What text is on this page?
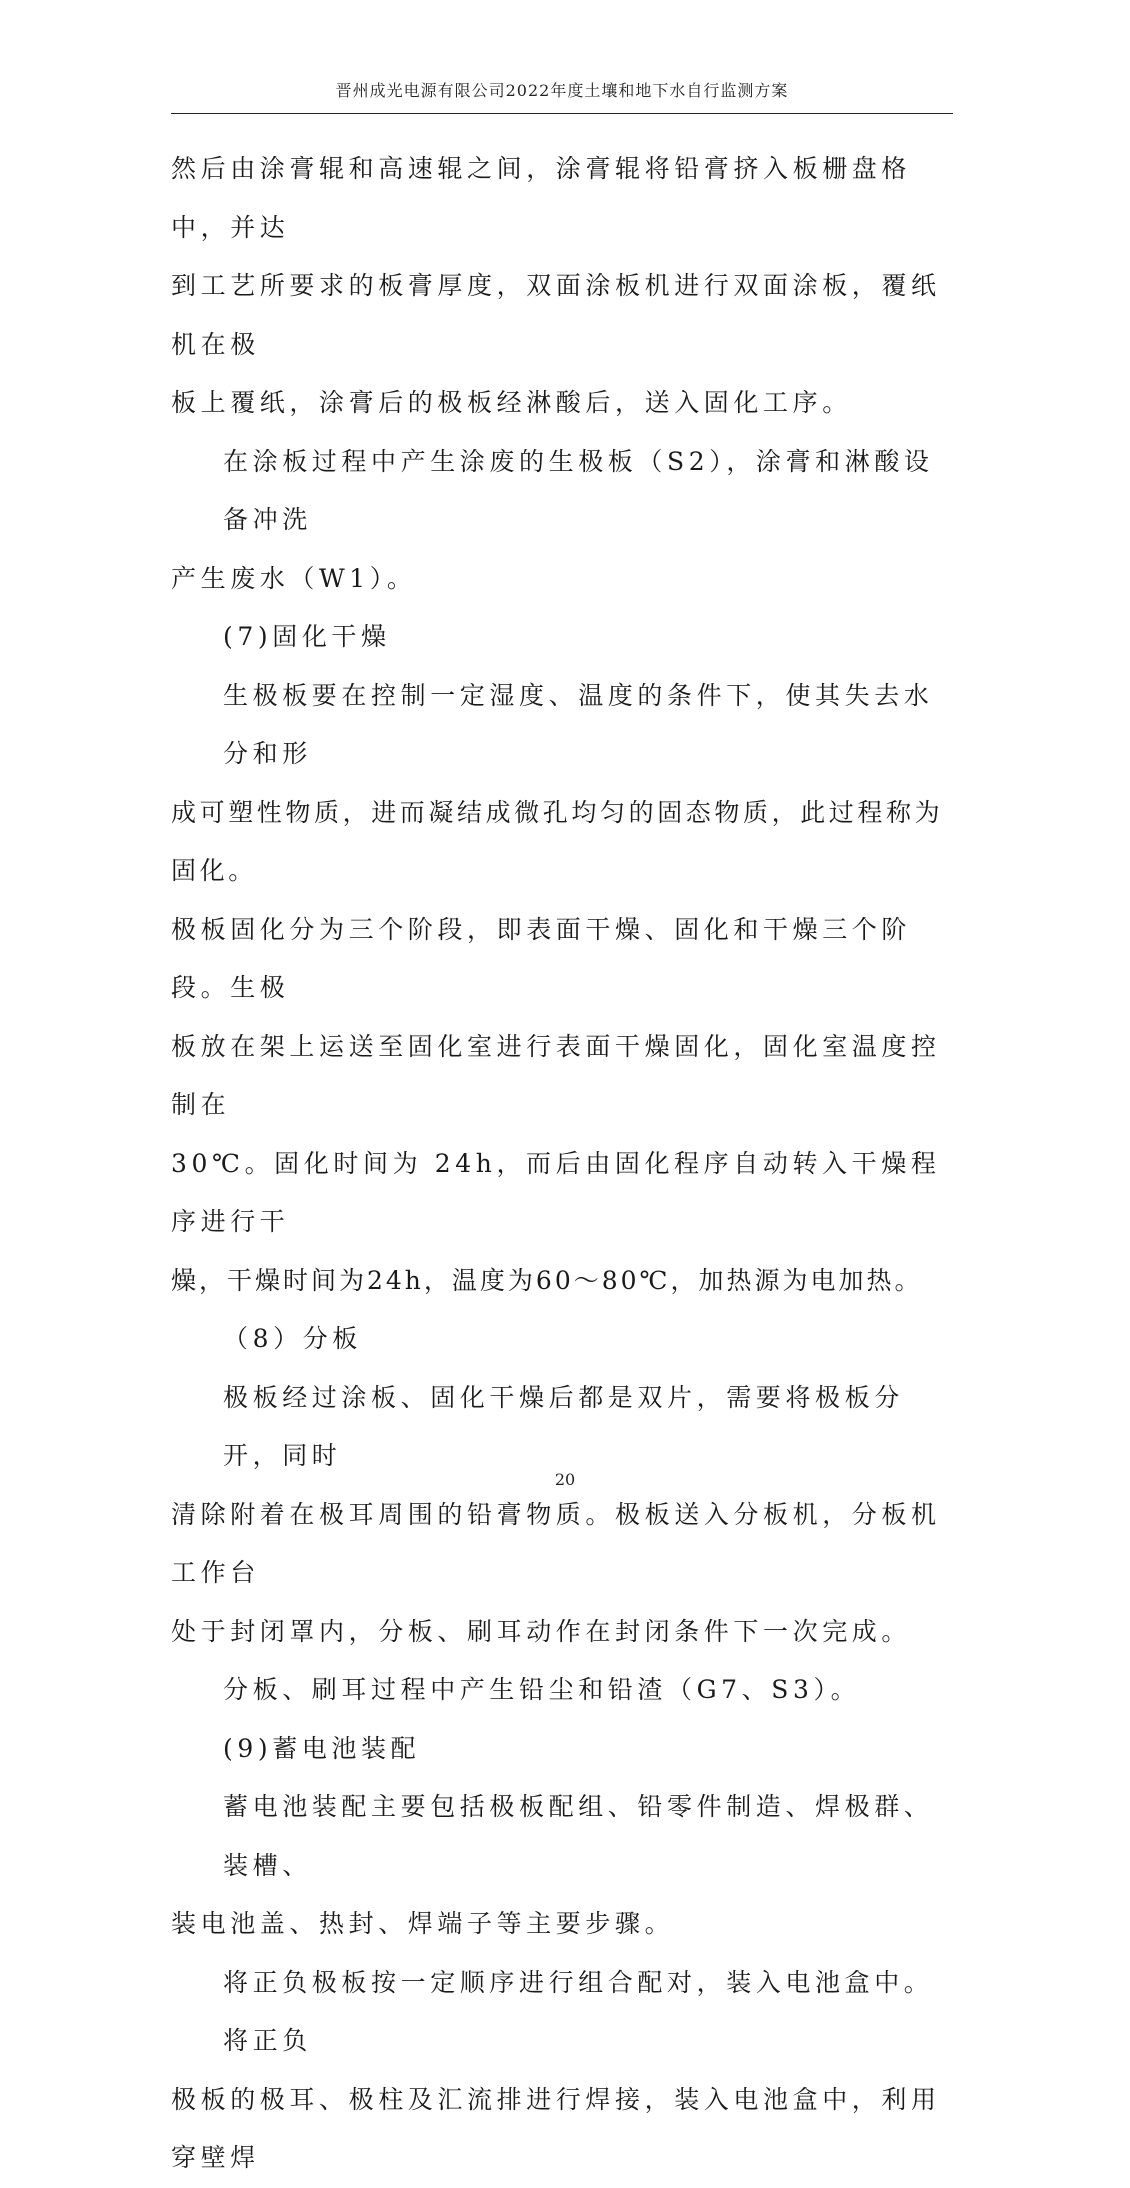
晋州成光电源有限公司2022年度土壤和地下水自行监测方案

然后由涂膏辊和高速辊之间，涂膏辊将铅膏挤入板栅盘格中，并达

到工艺所要求的板膏厚度，双面涂板机进行双面涂板，覆纸机在极

板上覆纸，涂膏后的极板经淋酸后，送入固化工序。

在涂板过程中产生涂废的生极板（S2），涂膏和淋酸设备冲洗

产生废水（W1）。

(7)固化干燥

生极板要在控制一定湿度、温度的条件下，使其失去水分和形

成可塑性物质，进而凝结成微孔均匀的固态物质，此过程称为固化。

极板固化分为三个阶段，即表面干燥、固化和干燥三个阶段。生极

板放在架上运送至固化室进行表面干燥固化，固化室温度控制在

30℃。固化时间为 24h，而后由固化程序自动转入干燥程序进行干

燥，干燥时间为24h，温度为60～80℃，加热源为电加热。

（8）分板

极板经过涂板、固化干燥后都是双片，需要将极板分开，同时

清除附着在极耳周围的铅膏物质。极板送入分板机，分板机工作台

处于封闭罩内，分板、刷耳动作在封闭条件下一次完成。

分板、刷耳过程中产生铅尘和铅渣（G7、S3）。

(9)蓄电池装配

蓄电池装配主要包括极板配组、铅零件制造、焊极群、装槽、

装电池盖、热封、焊端子等主要步骤。

将正负极板按一定顺序进行组合配对，装入电池盒中。将正负

极板的极耳、极柱及汇流排进行焊接，装入电池盒中，利用穿壁焊

20
